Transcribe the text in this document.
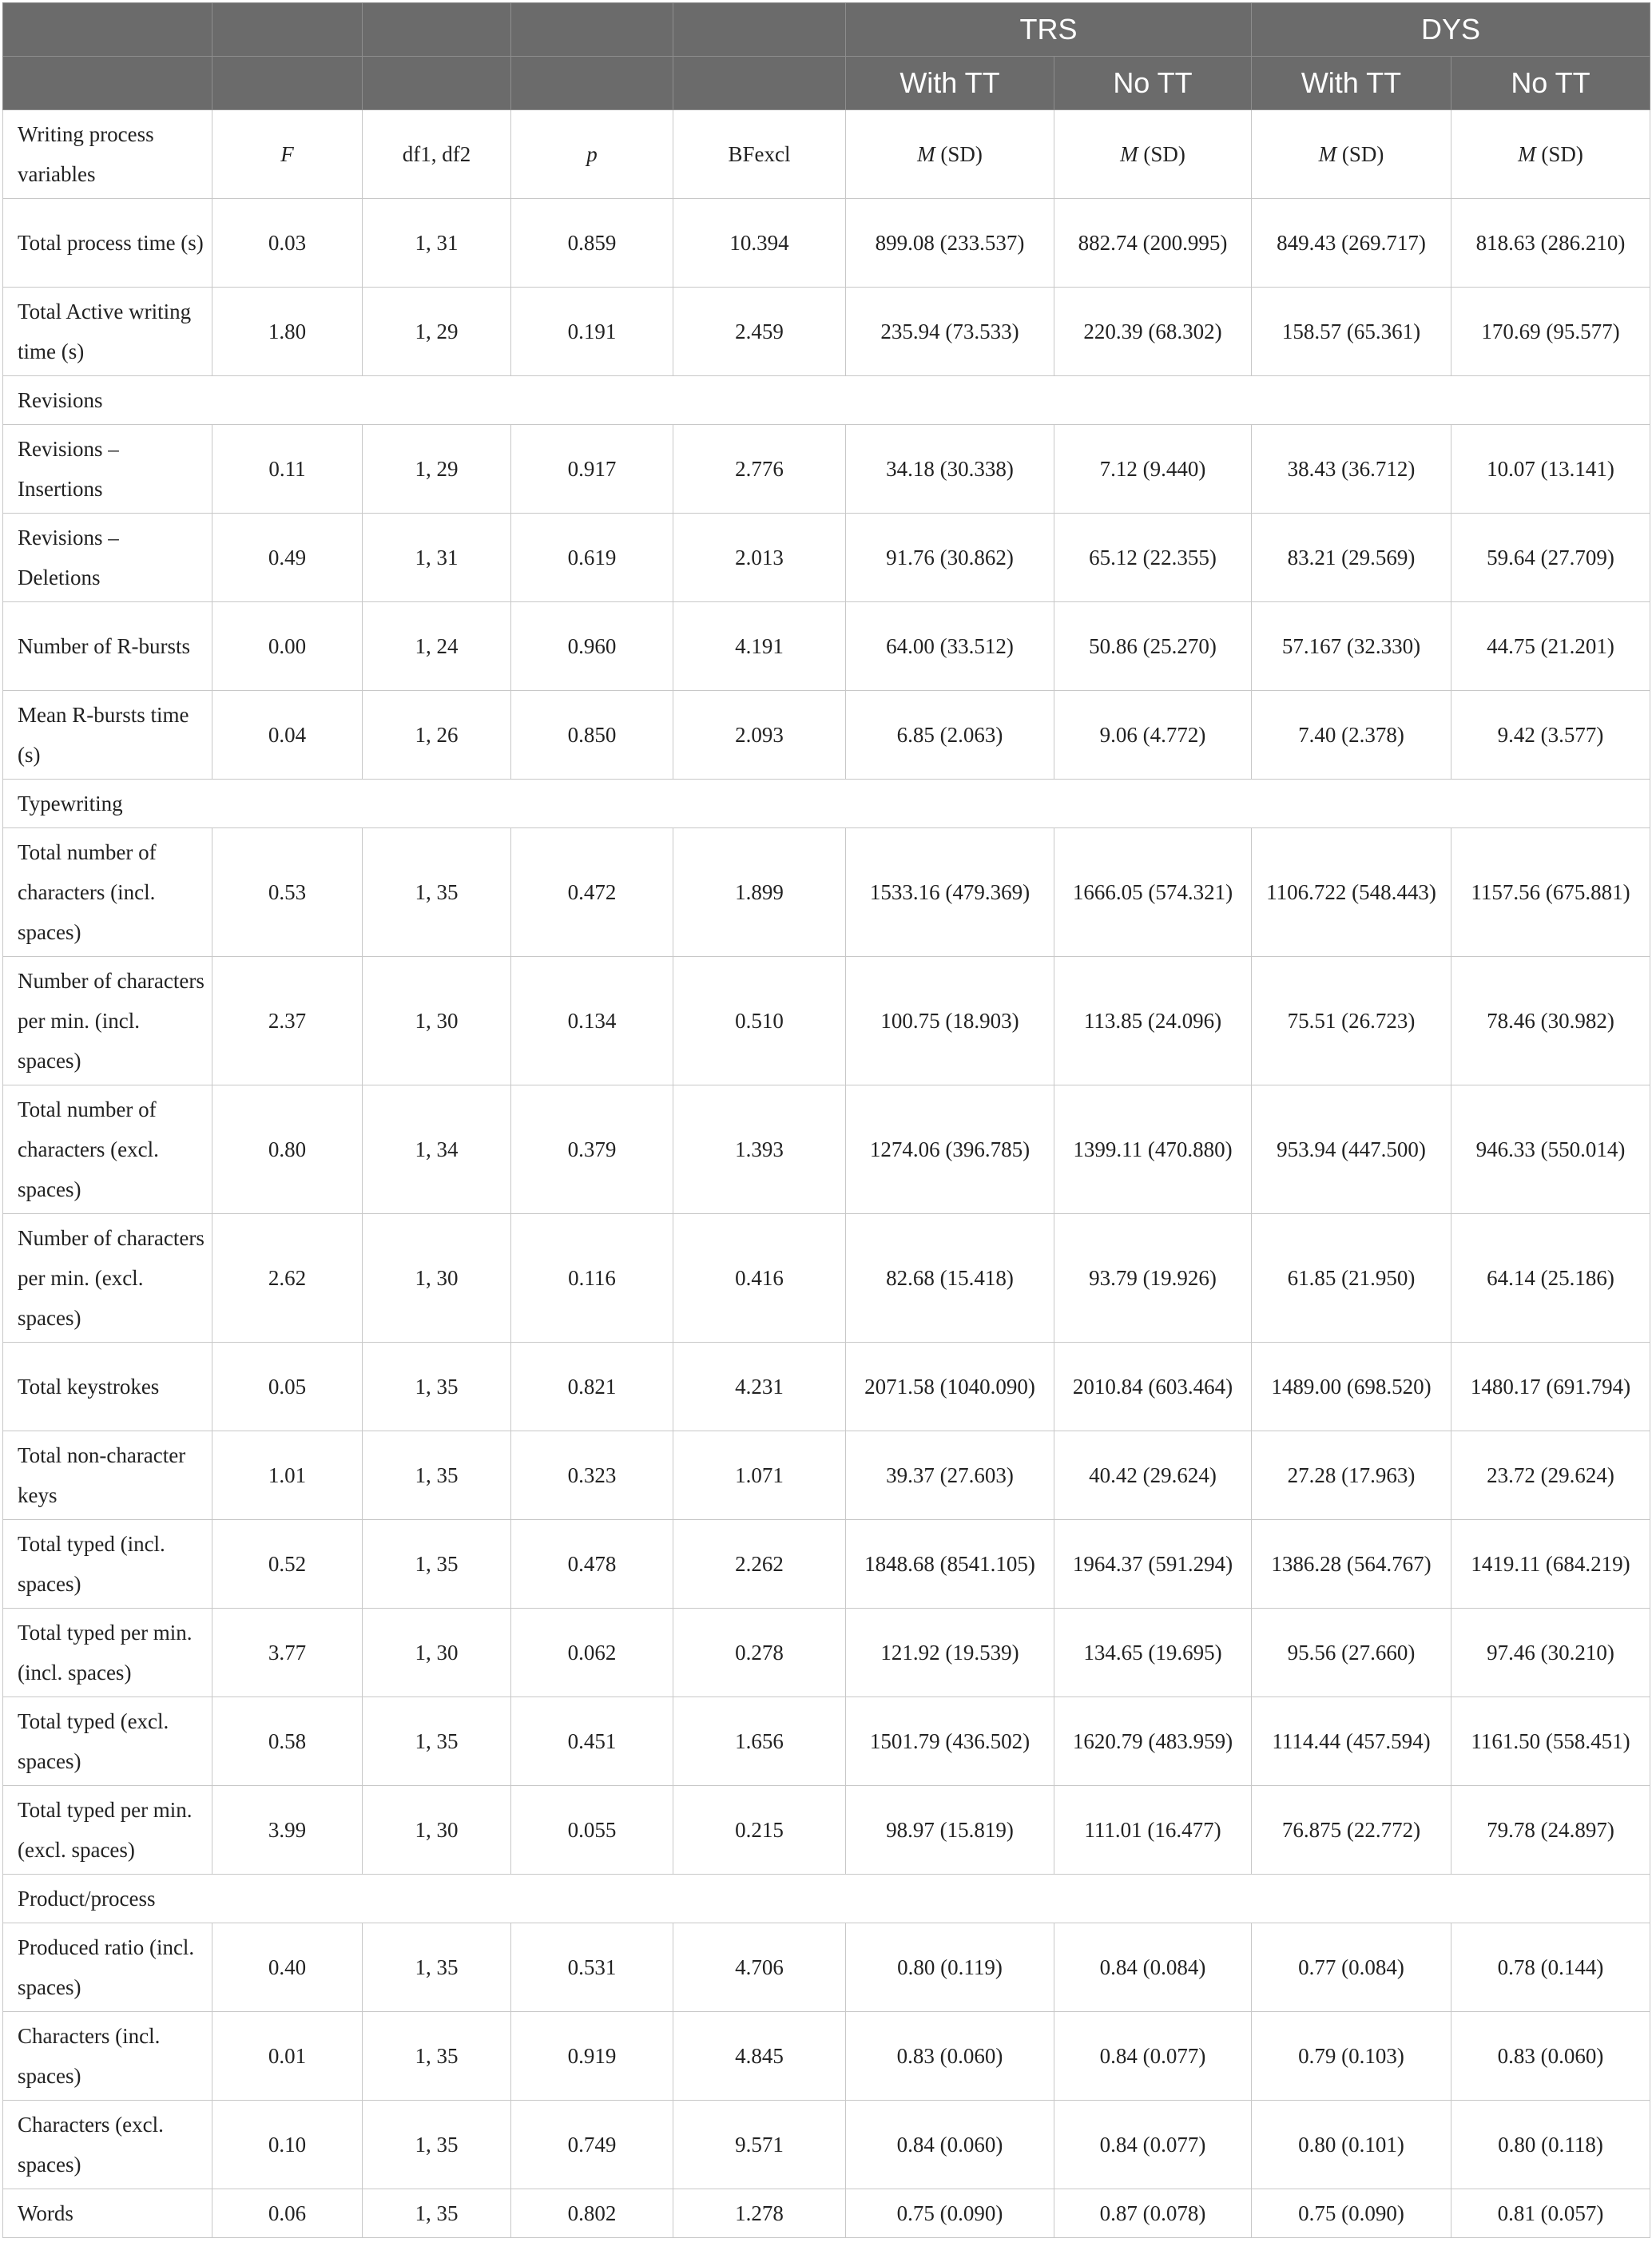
					TRS		DYS	
					With TT	No TT	With TT	No TT
Writing process variables	F	df1, df2	p	BFexcl	M (SD)	M (SD)	M (SD)	M (SD)
Total process time (s)	0.03	1, 31	0.859	10.394	899.08 (233.537)	882.74 (200.995)	849.43 (269.717)	818.63 (286.210)
Total Active writing time (s)	1.80	1, 29	0.191	2.459	235.94 (73.533)	220.39 (68.302)	158.57 (65.361)	170.69 (95.577)
Revisions								
Revisions – Insertions	0.11	1, 29	0.917	2.776	34.18 (30.338)	7.12 (9.440)	38.43 (36.712)	10.07 (13.141)
Revisions – Deletions	0.49	1, 31	0.619	2.013	91.76 (30.862)	65.12 (22.355)	83.21 (29.569)	59.64 (27.709)
Number of R-bursts	0.00	1, 24	0.960	4.191	64.00 (33.512)	50.86 (25.270)	57.167 (32.330)	44.75 (21.201)
Mean R-bursts time (s)	0.04	1, 26	0.850	2.093	6.85 (2.063)	9.06 (4.772)	7.40 (2.378)	9.42 (3.577)
Typewriting								
Total number of characters (incl. spaces)	0.53	1, 35	0.472	1.899	1533.16 (479.369)	1666.05 (574.321)	1106.722 (548.443)	1157.56 (675.881)
Number of characters per min. (incl. spaces)	2.37	1, 30	0.134	0.510	100.75 (18.903)	113.85 (24.096)	75.51 (26.723)	78.46 (30.982)
Total number of characters (excl. spaces)	0.80	1, 34	0.379	1.393	1274.06 (396.785)	1399.11 (470.880)	953.94 (447.500)	946.33 (550.014)
Number of characters per min. (excl. spaces)	2.62	1, 30	0.116	0.416	82.68 (15.418)	93.79 (19.926)	61.85 (21.950)	64.14 (25.186)
Total keystrokes	0.05	1, 35	0.821	4.231	2071.58 (1040.090)	2010.84 (603.464)	1489.00 (698.520)	1480.17 (691.794)
Total non-character keys	1.01	1, 35	0.323	1.071	39.37 (27.603)	40.42 (29.624)	27.28 (17.963)	23.72 (29.624)
Total typed (incl. spaces)	0.52	1, 35	0.478	2.262	1848.68 (8541.105)	1964.37 (591.294)	1386.28 (564.767)	1419.11 (684.219)
Total typed per min. (incl. spaces)	3.77	1, 30	0.062	0.278	121.92 (19.539)	134.65 (19.695)	95.56 (27.660)	97.46 (30.210)
Total typed (excl. spaces)	0.58	1, 35	0.451	1.656	1501.79 (436.502)	1620.79 (483.959)	1114.44 (457.594)	1161.50 (558.451)
Total typed per min. (excl. spaces)	3.99	1, 30	0.055	0.215	98.97 (15.819)	111.01 (16.477)	76.875 (22.772)	79.78 (24.897)
Product/process								
Produced ratio (incl. spaces)	0.40	1, 35	0.531	4.706	0.80 (0.119)	0.84 (0.084)	0.77 (0.084)	0.78 (0.144)
Characters (incl. spaces)	0.01	1, 35	0.919	4.845	0.83 (0.060)	0.84 (0.077)	0.79 (0.103)	0.83 (0.060)
Characters (excl. spaces)	0.10	1, 35	0.749	9.571	0.84 (0.060)	0.84 (0.077)	0.80 (0.101)	0.80 (0.118)
Words	0.06	1, 35	0.802	1.278	0.75 (0.090)	0.87 (0.078)	0.75 (0.090)	0.81 (0.057)
